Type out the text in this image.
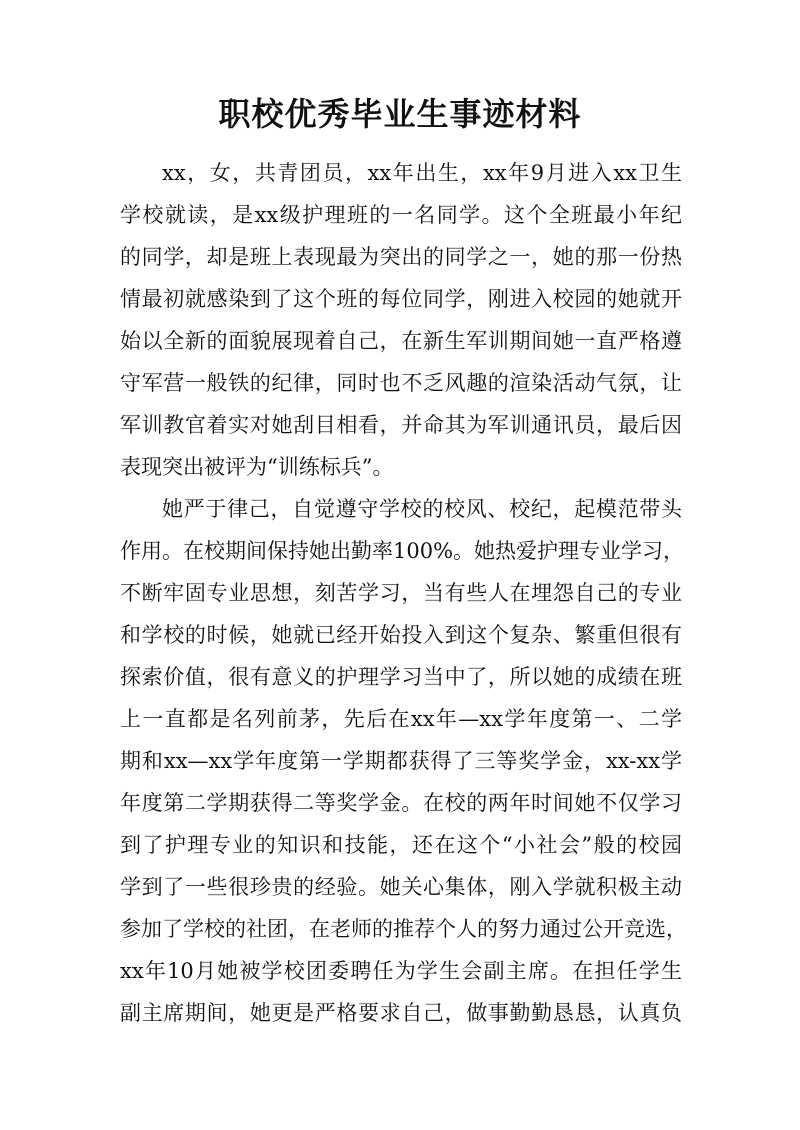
职校优秀毕业生事迹材料
xx，女，共青团员，xx年出生，xx年9月进入xx卫生
学校就读，是xx级护理班的一名同学。这个全班最小年纪
的同学，却是班上表现最为突出的同学之一，她的那一份热
情最初就感染到了这个班的每位同学，刚进入校园的她就开
始以全新的面貌展现着自己，在新生军训期间她一直严格遵
守军营一般铁的纪律，同时也不乏风趣的渲染活动气氛，让
军训教官着实对她刮目相看，并命其为军训通讯员，最后因
表现突出被评为“训练标兵”。
她严于律己，自觉遵守学校的校风、校纪，起模范带头
作用。在校期间保持她出勤率100%。她热爱护理专业学习，
不断牢固专业思想，刻苦学习，当有些人在埋怨自己的专业
和学校的时候，她就已经开始投入到这个复杂、繁重但很有
探索价值，很有意义的护理学习当中了，所以她的成绩在班
上一直都是名列前茅，先后在xx年—xx学年度第一、二学
期和xx—xx学年度第一学期都获得了三等奖学金，xx-xx学
年度第二学期获得二等奖学金。在校的两年时间她不仅学习
到了护理专业的知识和技能，还在这个“小社会”般的校园
学到了一些很珍贵的经验。她关心集体，刚入学就积极主动
参加了学校的社团，在老师的推荐个人的努力通过公开竞选，
xx年10月她被学校团委聘任为学生会副主席。在担任学生
副主席期间，她更是严格要求自己，做事勤勤恳恳，认真负
